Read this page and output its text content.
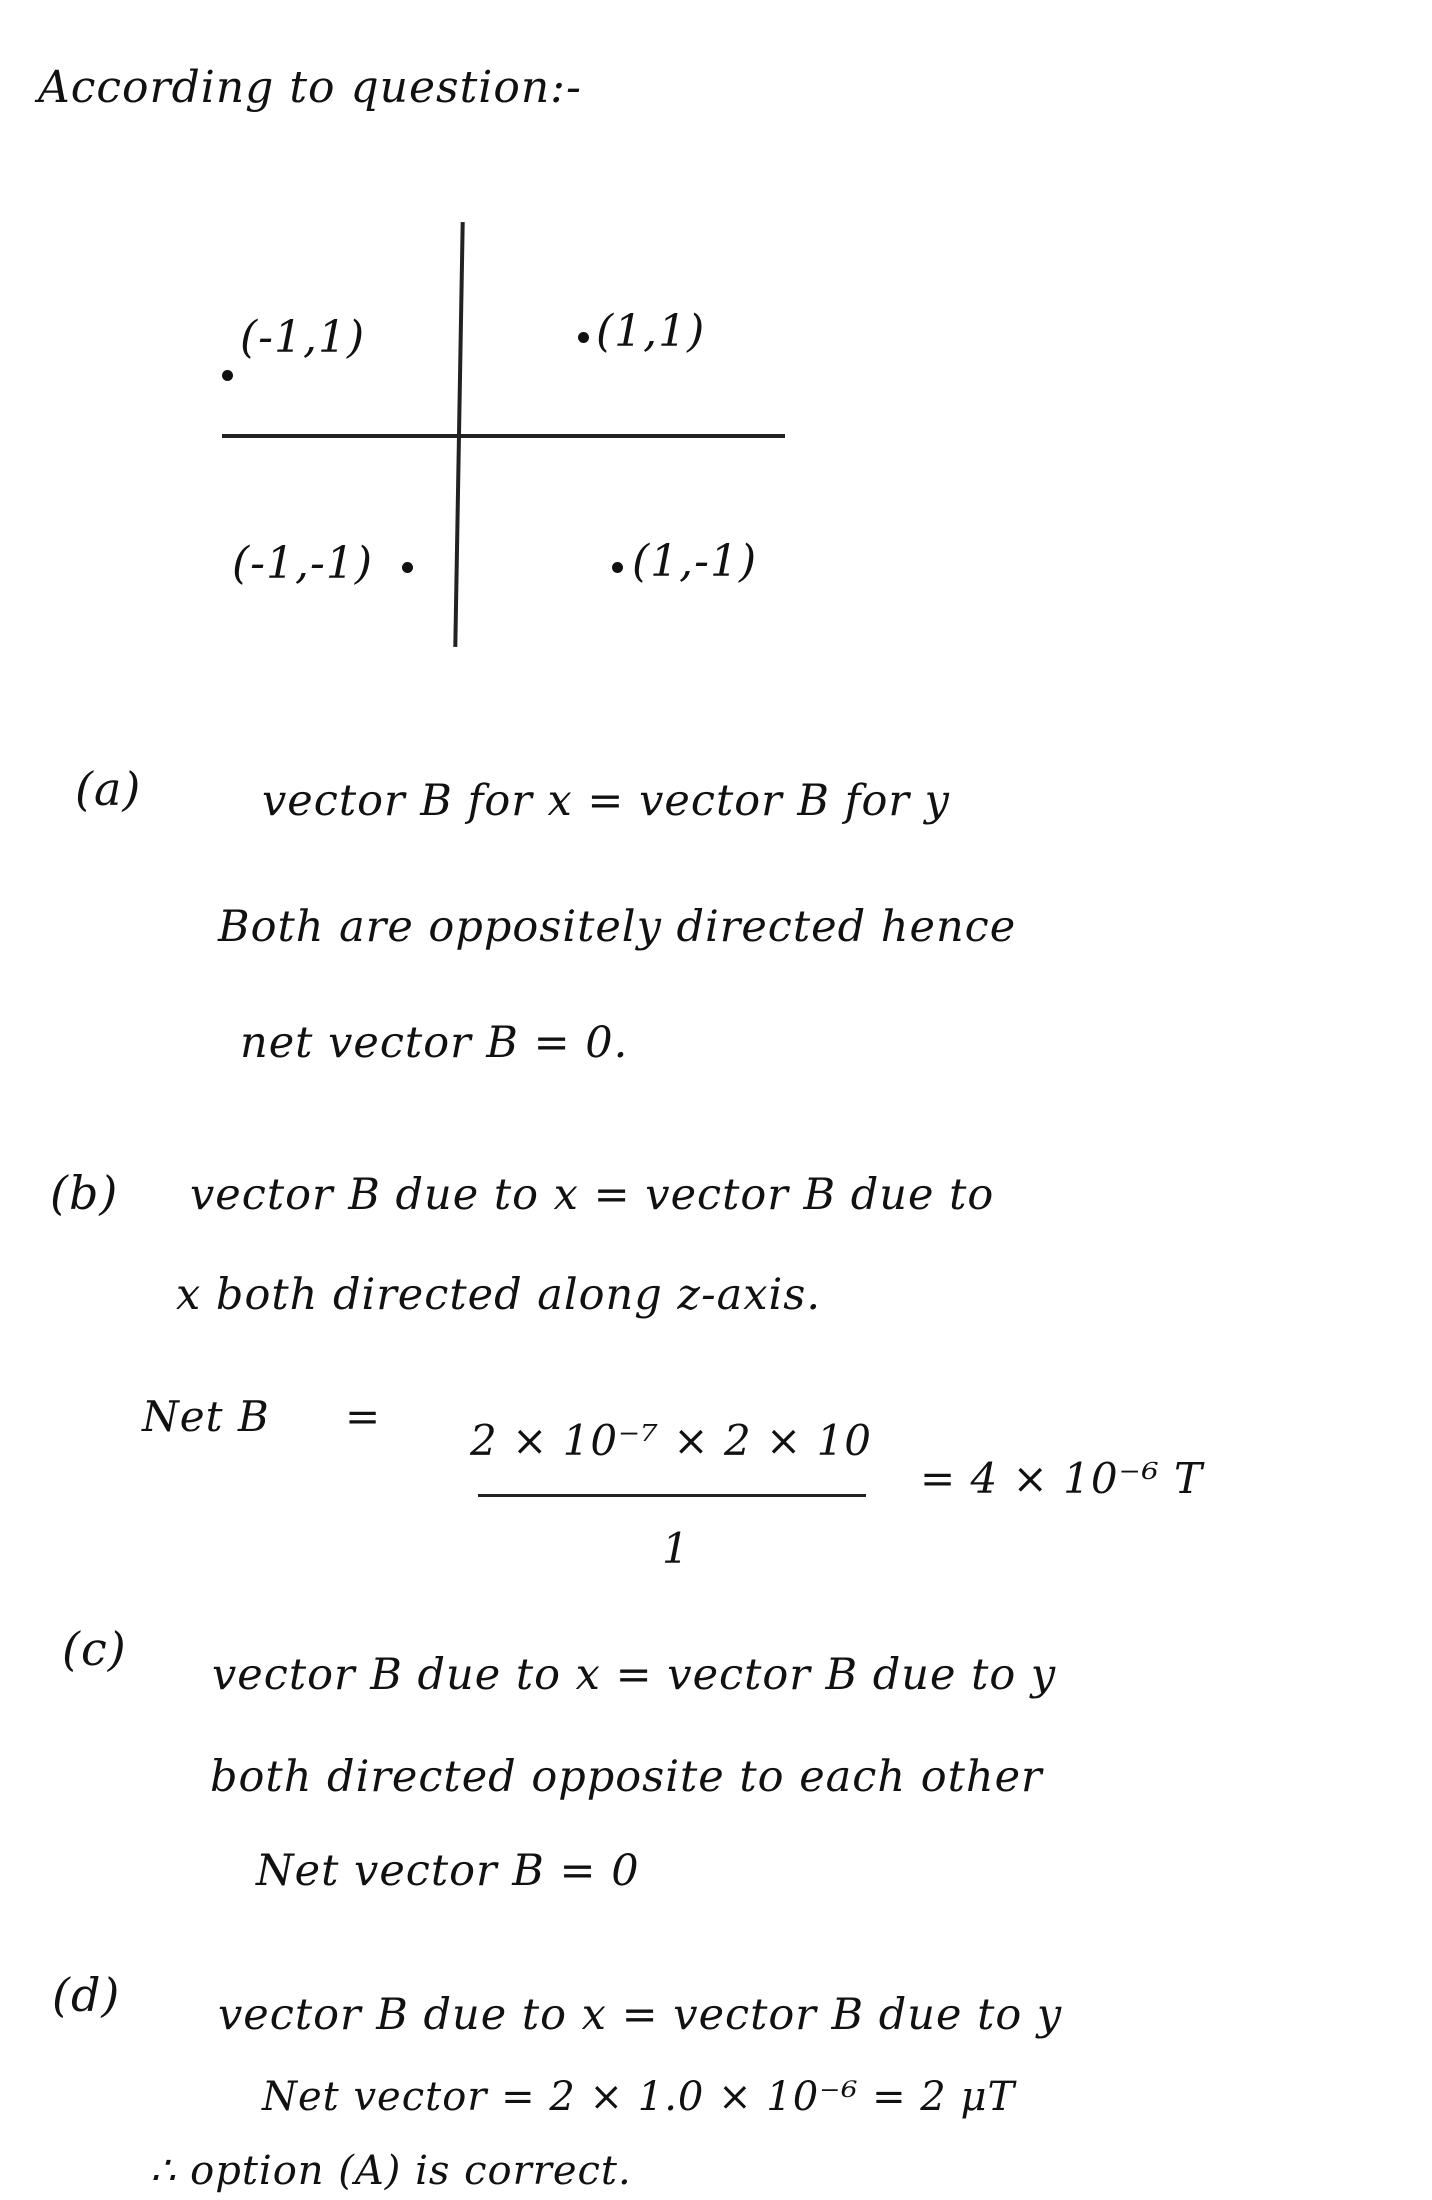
According to question:-
(-1,1)	(1,1)
(-1,-1)	(1,-1)
(a)	vector B for x = vector B for y
Both are oppositely directed hence
net vector B = 0.
(b) vector B due to x = vector B due to
x both directed along z-axis.
Net B = 2 × 10⁻⁷ × 2 × 10
1
= 4 × 10⁻⁶ T
(c) vector B due to x = vector B due to y
both directed opposite to each other
Net vector B = 0
(d) vector B due to x = vector B due to y
Net vector = 2 × 1.0 × 10⁻⁶ = 2 μT
∴ option (A) is correct.
